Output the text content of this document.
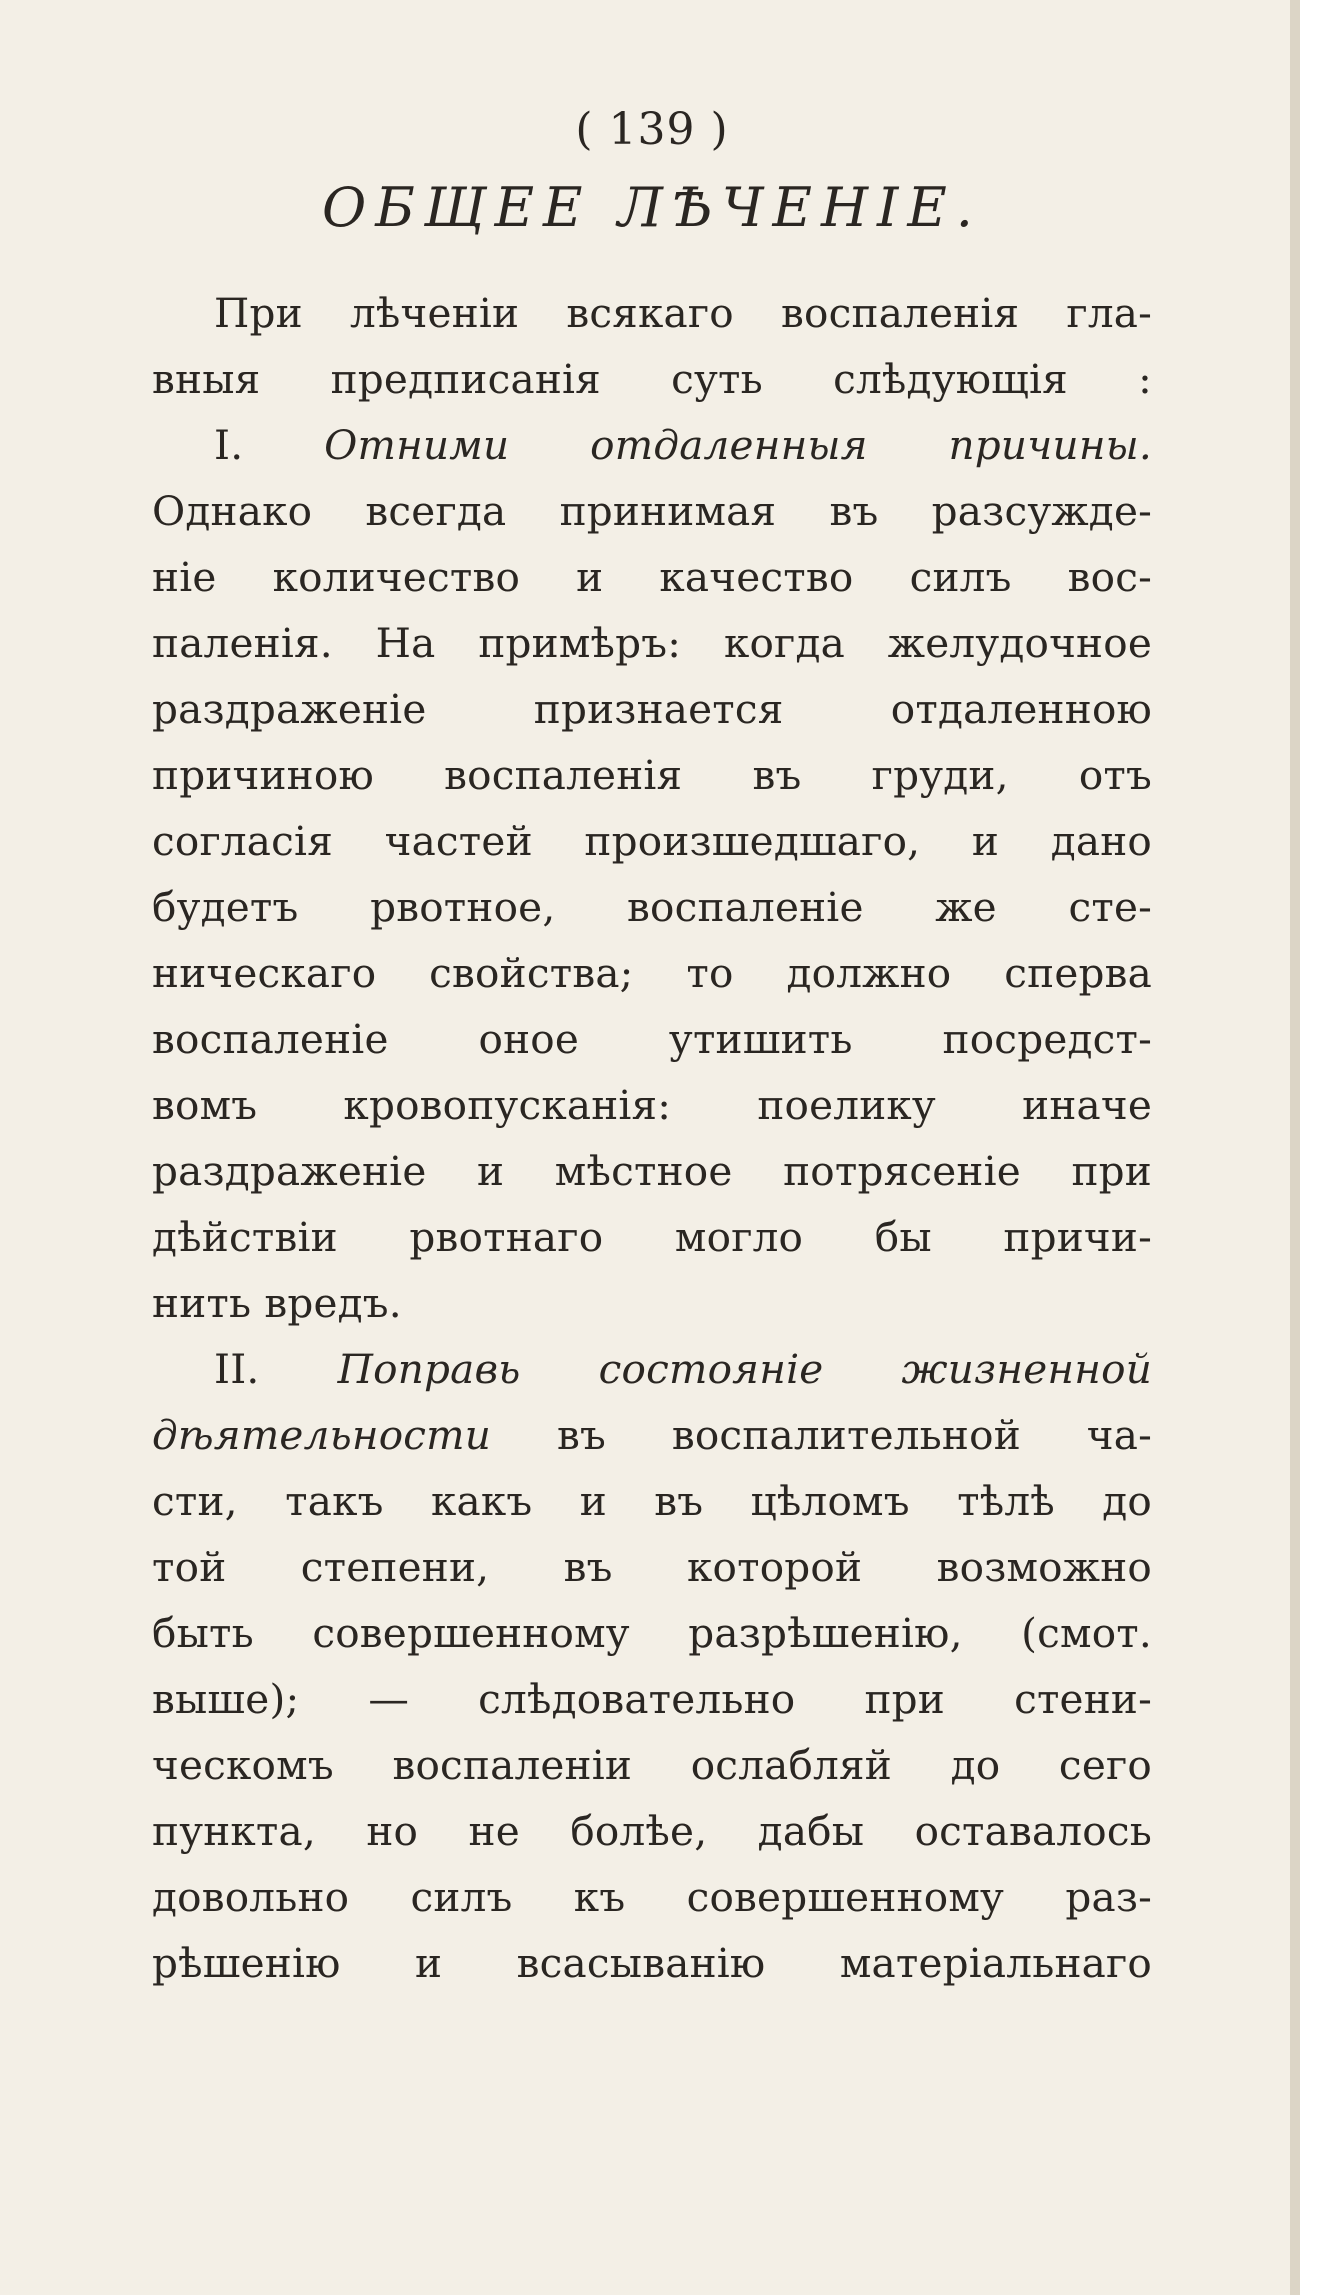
( 139 )
ОБЩЕЕ ЛѢЧЕНІЕ.
При лѣченіи всякаго воспаленія гла-
вныя предписанія суть слѣдующія :
I. Отними отдаленныя причины.
Однако всегда принимая въ разсужде-
ніе количество и качество силъ вос-
паленія. На примѣръ: когда желудочное
раздраженіе признается отдаленною
причиною воспаленія въ груди, отъ
согласія частей произшедшаго, и дано
будетъ рвотное, воспаленіе же сте-
ническаго свойства; то должно сперва
воспаленіе оное утишить посредст-
вомъ кровопусканія: поелику иначе
раздраженіе и мѣстное потрясеніе при
дѣйствіи рвотнаго могло бы причи-
нить вредъ.
II. Поправь состояніе жизненной
дѣятельности въ воспалительной ча-
сти, такъ какъ и въ цѣломъ тѣлѣ до
той степени, въ которой возможно
быть совершенному разрѣшенію, (смот.
выше); — слѣдовательно при стени-
ческомъ воспаленіи ослабляй до сего
пункта, но не болѣе, дабы оставалось
довольно силъ къ совершенному раз-
рѣшенію и всасыванію матеріальнаго
